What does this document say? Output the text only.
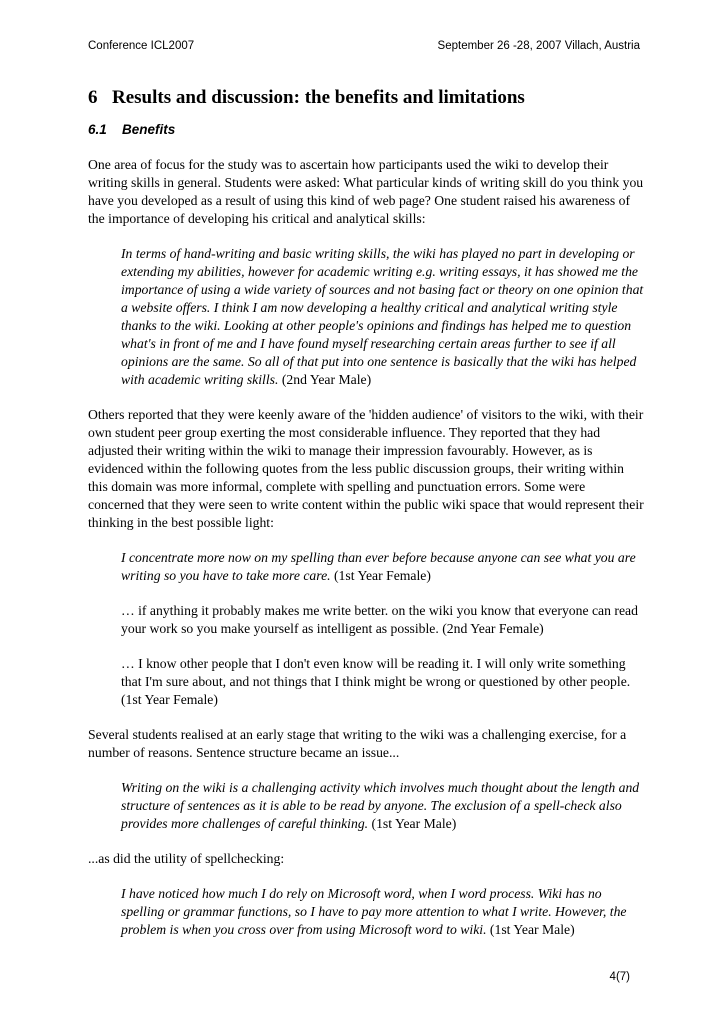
Conference ICL2007	September 26 -28, 2007 Villach, Austria
6 Results and discussion: the benefits and limitations
6.1 Benefits

One area of focus for the study was to ascertain how participants used the wiki to develop their writing skills in general. Students were asked: What particular kinds of writing skill do you think you have you developed as a result of using this kind of web page? One student raised his awareness of the importance of developing his critical and analytical skills:

In terms of hand-writing and basic writing skills, the wiki has played no part in developing or extending my abilities, however for academic writing e.g. writing essays, it has showed me the importance of using a wide variety of sources and not basing fact or theory on one opinion that a website offers. I think I am now developing a healthy critical and analytical writing style thanks to the wiki. Looking at other people's opinions and findings has helped me to question what's in front of me and I have found myself researching certain areas further to see if all opinions are the same. So all of that put into one sentence is basically that the wiki has helped with academic writing skills. (2nd Year Male)

Others reported that they were keenly aware of the 'hidden audience' of visitors to the wiki, with their own student peer group exerting the most considerable influence. They reported that they had adjusted their writing within the wiki to manage their impression favourably. However, as is evidenced within the following quotes from the less public discussion groups, their writing within this domain was more informal, complete with spelling and punctuation errors. Some were concerned that they were seen to write content within the public wiki space that would represent their thinking in the best possible light:

I concentrate more now on my spelling than ever before because anyone can see what you are writing so you have to take more care. (1st Year Female)
… if anything it probably makes me write better. on the wiki you know that everyone can read your work so you make yourself as intelligent as possible. (2nd Year Female)
… I know other people that I don't even know will be reading it. I will only write something that I'm sure about, and not things that I think might be wrong or questioned by other people. (1st Year Female)

Several students realised at an early stage that writing to the wiki was a challenging exercise, for a number of reasons. Sentence structure became an issue...

Writing on the wiki is a challenging activity which involves much thought about the length and structure of sentences as it is able to be read by anyone. The exclusion of a spell-check also provides more challenges of careful thinking. (1st Year Male)

...as did the utility of spellchecking:

I have noticed how much I do rely on Microsoft word, when I word process. Wiki has no spelling or grammar functions, so I have to pay more attention to what I write. However, the problem is when you cross over from using Microsoft word to wiki. (1st Year Male)
4(7)
